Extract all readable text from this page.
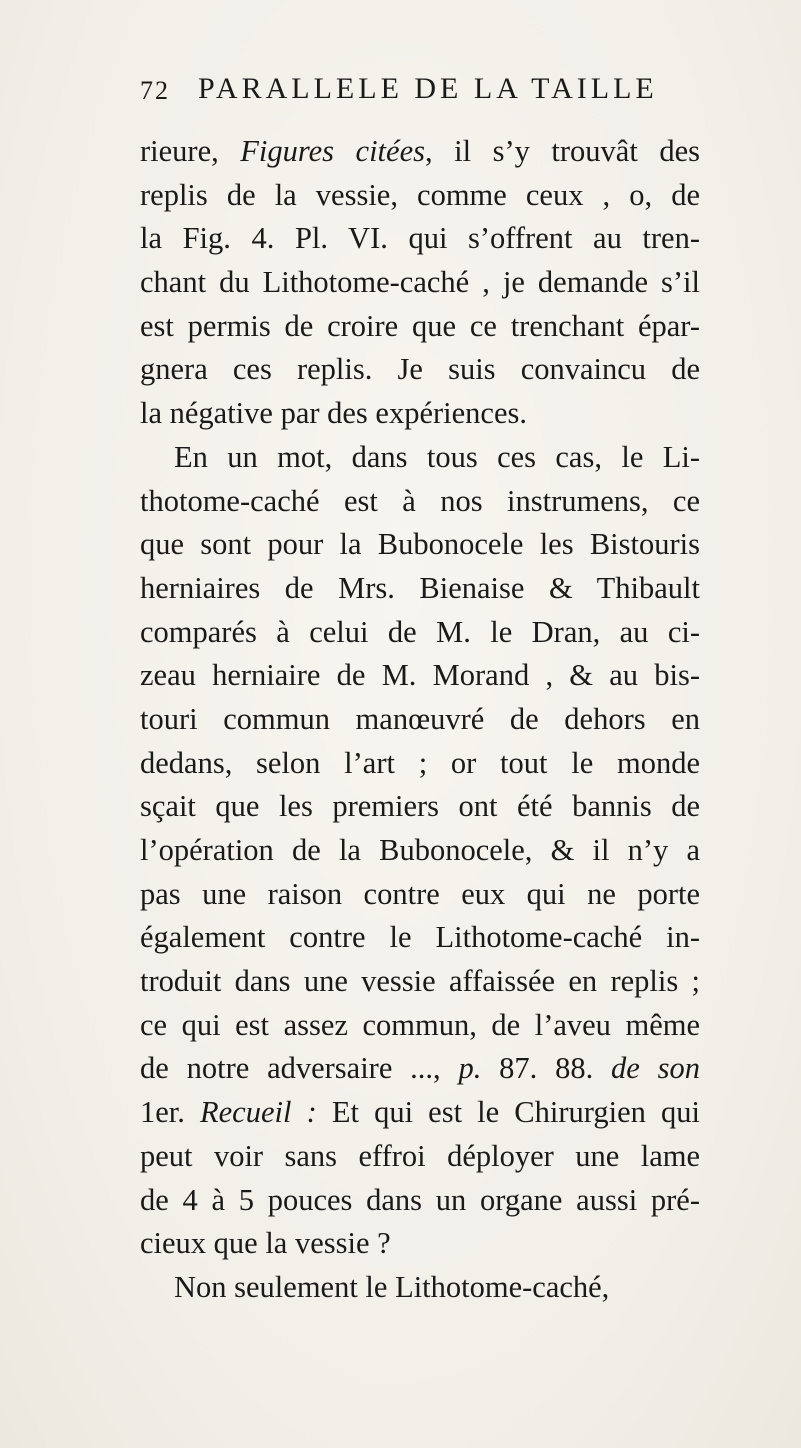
72 PARALLELE DE LA TAILLE
rieure, Figures citées, il s’y trouvât des
replis de la vessie, comme ceux , o, de
la Fig. 4. Pl. VI. qui s’offrent au tren-
chant du Lithotome-caché , je demande s’il
est permis de croire que ce trenchant épar-
gnera ces replis. Je suis convaincu de
la négative par des expériences.
En un mot, dans tous ces cas, le Li-
thotome-caché est à nos instrumens, ce
que sont pour la Bubonocele les Bistouris
herniaires de Mrs. Bienaise & Thibault
comparés à celui de M. le Dran, au ci-
zeau herniaire de M. Morand , & au bis-
touri commun manœuvré de dehors en
dedans, selon l’art ; or tout le monde
sçait que les premiers ont été bannis de
l’opération de la Bubonocele, & il n’y a
pas une raison contre eux qui ne porte
également contre le Lithotome-caché in-
troduit dans une vessie affaissée en replis ;
ce qui est assez commun, de l’aveu même
de notre adversaire ..., p. 87. 88. de son
1er. Recueil : Et qui est le Chirurgien qui
peut voir sans effroi déployer une lame
de 4 à 5 pouces dans un organe aussi pré-
cieux que la vessie ?
Non seulement le Lithotome-caché,
